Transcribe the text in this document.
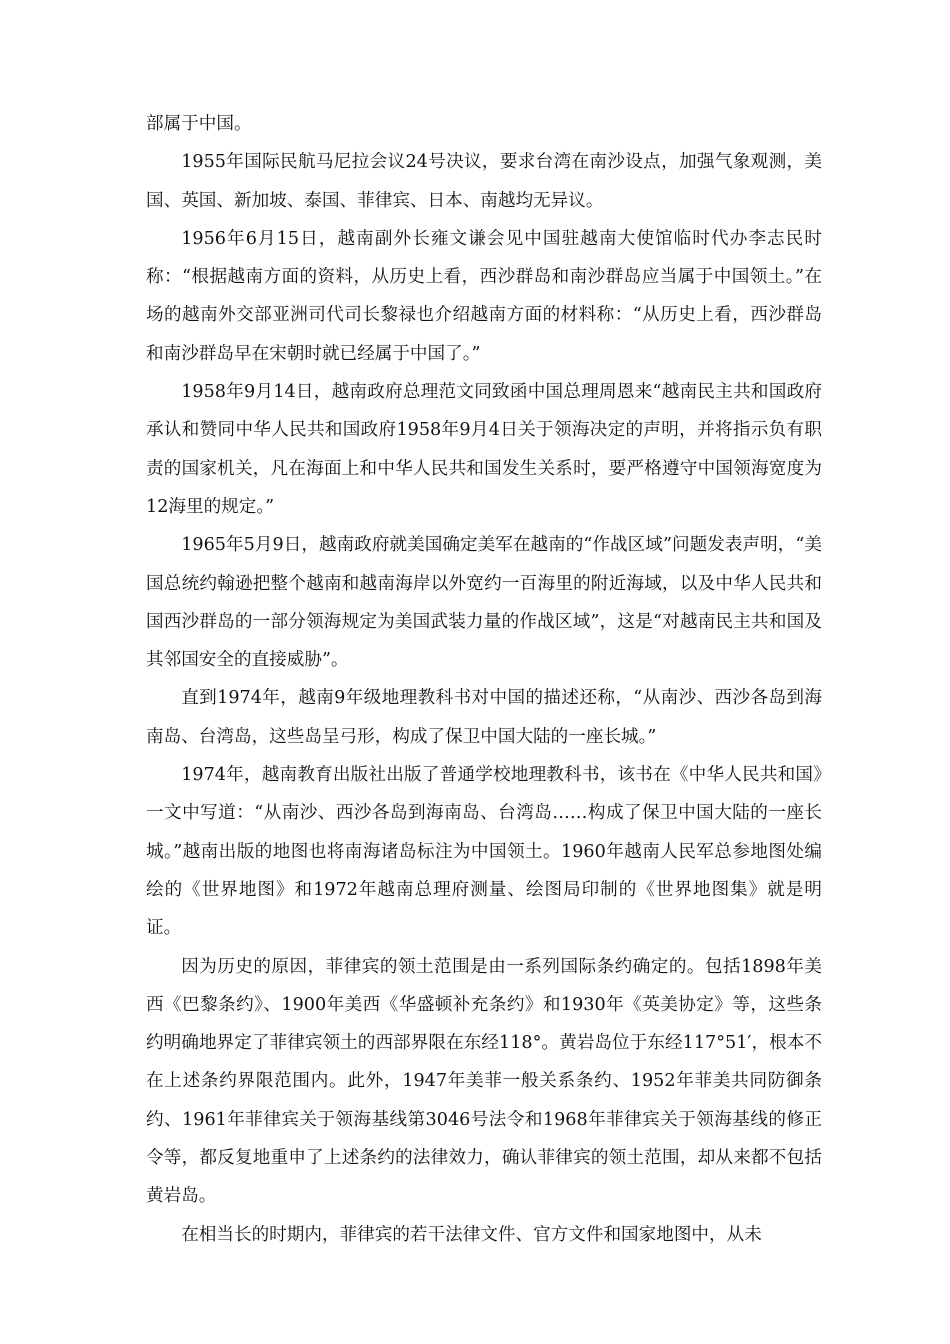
部属于中国。

1955年国际民航马尼拉会议24号决议，要求台湾在南沙设点，加强气象观测，美国、英国、新加坡、泰国、菲律宾、日本、南越均无异议。

1956年6月15日，越南副外长雍文谦会见中国驻越南大使馆临时代办李志民时称：“根据越南方面的资料，从历史上看，西沙群岛和南沙群岛应当属于中国领土。”在场的越南外交部亚洲司代司长黎禄也介绍越南方面的材料称：“从历史上看，西沙群岛和南沙群岛早在宋朝时就已经属于中国了。”

1958年9月14日，越南政府总理范文同致函中国总理周恩来“越南民主共和国政府承认和赞同中华人民共和国政府1958年9月4日关于领海决定的声明，并将指示负有职责的国家机关，凡在海面上和中华人民共和国发生关系时，要严格遵守中国领海宽度为12海里的规定。”

1965年5月9日，越南政府就美国确定美军在越南的“作战区域”问题发表声明，“美国总统约翰逊把整个越南和越南海岸以外宽约一百海里的附近海域，以及中华人民共和国西沙群岛的一部分领海规定为美国武装力量的作战区域”，这是“对越南民主共和国及其邻国安全的直接威胁”。

直到1974年，越南9年级地理教科书对中国的描述还称，“从南沙、西沙各岛到海南岛、台湾岛，这些岛呈弓形，构成了保卫中国大陆的一座长城。”

1974年，越南教育出版社出版了普通学校地理教科书，该书在《中华人民共和国》一文中写道：“从南沙、西沙各岛到海南岛、台湾岛……构成了保卫中国大陆的一座长城。”越南出版的地图也将南海诸岛标注为中国领土。1960年越南人民军总参地图处编绘的《世界地图》和1972年越南总理府测量、绘图局印制的《世界地图集》就是明证。

因为历史的原因，菲律宾的领土范围是由一系列国际条约确定的。包括1898年美西《巴黎条约》、1900年美西《华盛顿补充条约》和1930年《英美协定》等，这些条约明确地界定了菲律宾领土的西部界限在东经118°。黄岩岛位于东经117°51′，根本不在上述条约界限范围内。此外，1947年美菲一般关系条约、1952年菲美共同防御条约、1961年菲律宾关于领海基线第3046号法令和1968年菲律宾关于领海基线的修正令等，都反复地重申了上述条约的法律效力，确认菲律宾的领土范围，却从来都不包括黄岩岛。

在相当长的时期内，菲律宾的若干法律文件、官方文件和国家地图中，从未
